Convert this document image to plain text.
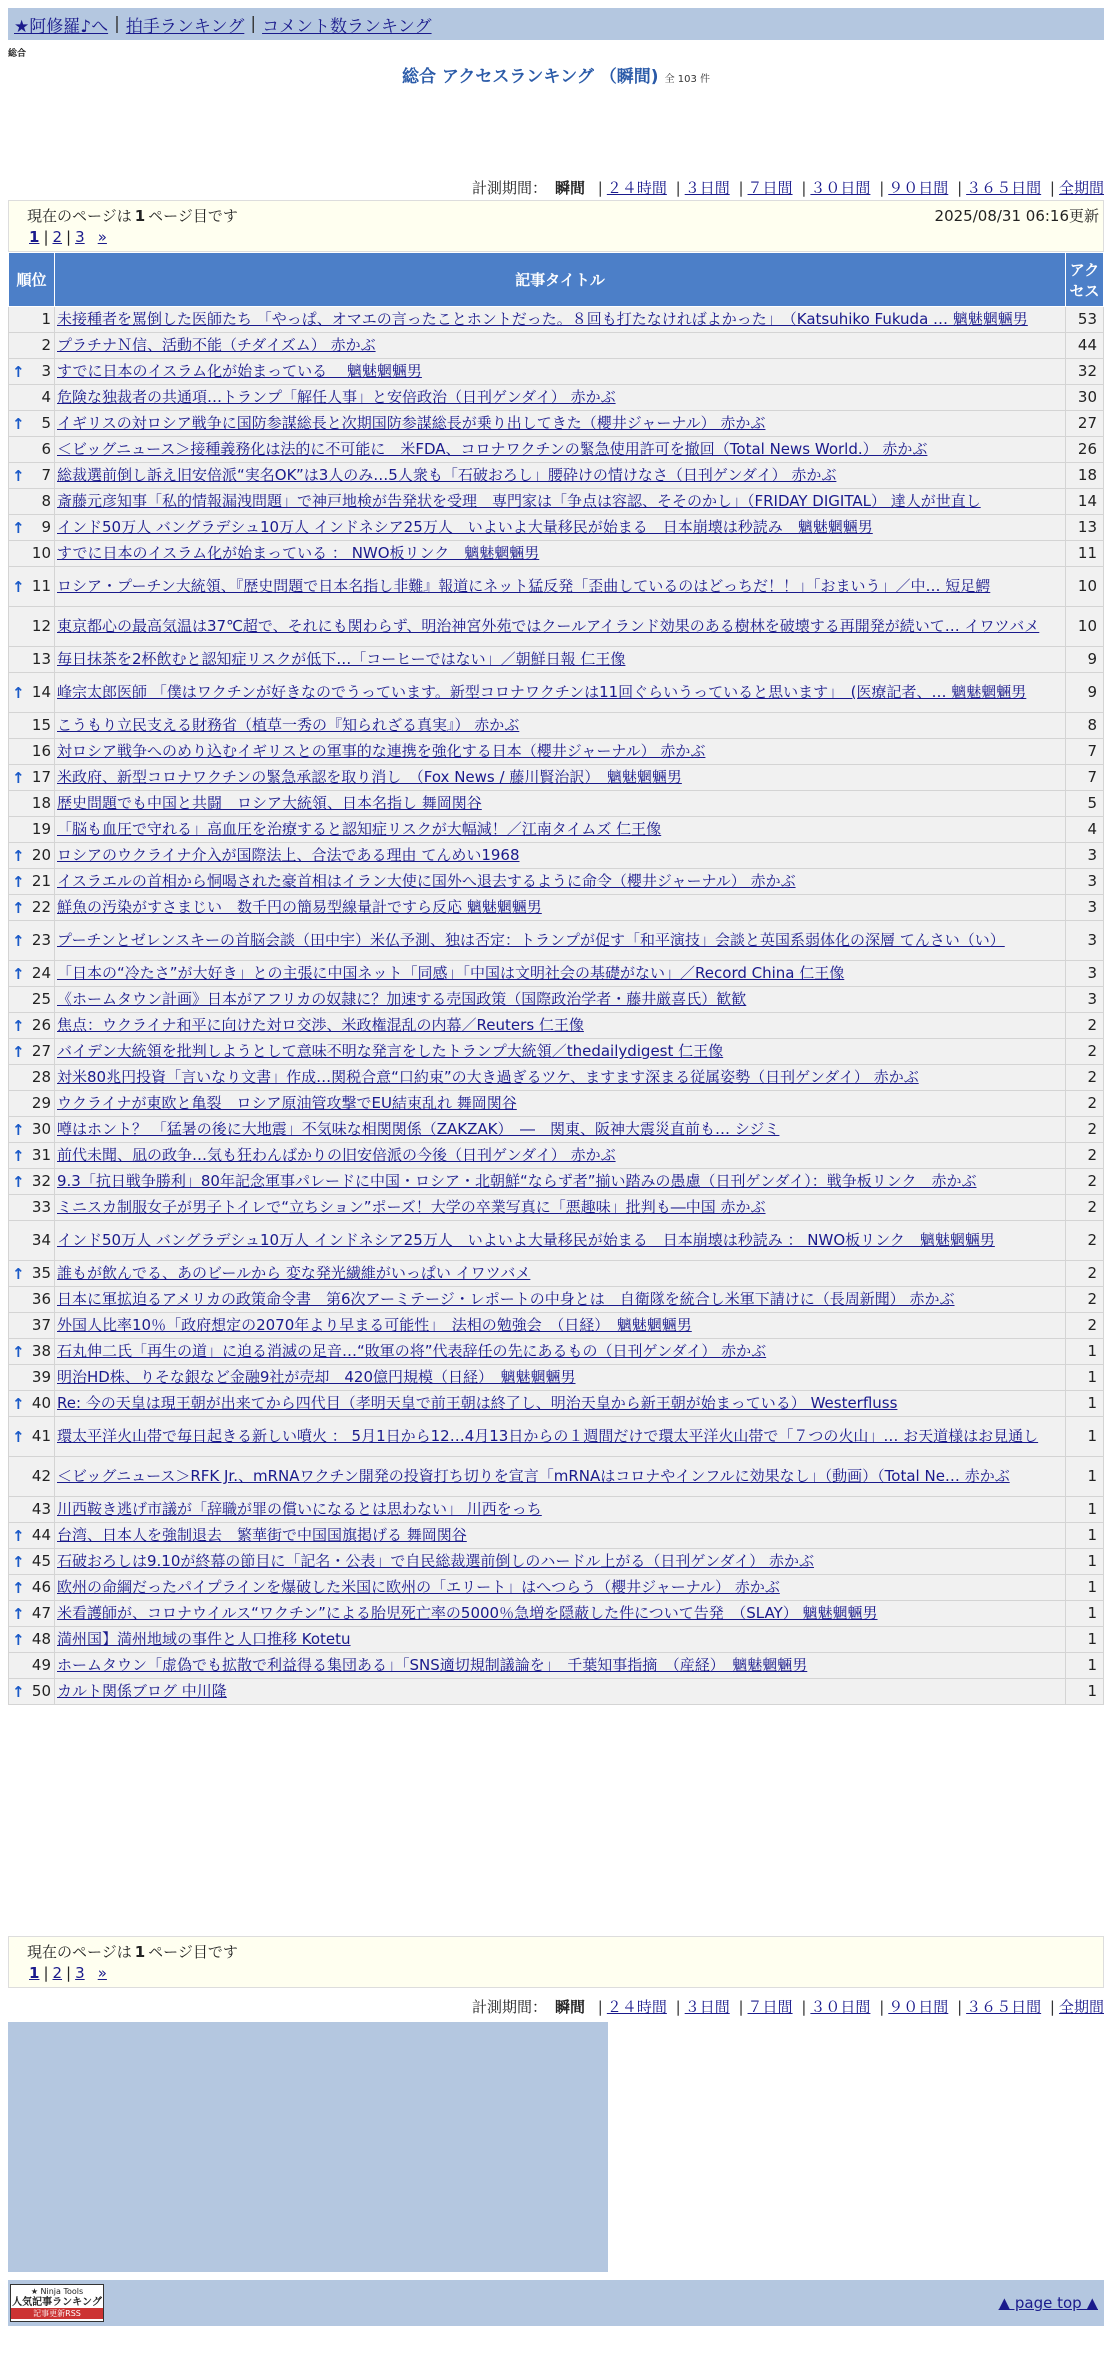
★阿修羅♪へ | 拍手ランキング | コメント数ランキング
総合
総合 アクセスランキング （瞬間) 全 103 件
計測期間： 瞬間 | ２４時間 | ３日間 | ７日間 | ３０日間 | ９０日間 | ３６５日間 | 全期間
現在のページは 1 ページ目です	2025/08/31 06:16更新
1 | 2 | 3 »
順位	記事タイトル	アクセス
1	未接種者を罵倒した医師たち 「やっぱ、オマエの言ったことホントだった。８回も打たなければよかった」　（Katsuhiko Fukuda … 魑魅魍魎男	53
2	プラチナＮ信、活動不能（チダイズム） 赤かぶ	44

↑ 3	すでに日本のイスラム化が始まっている　 魑魅魍魎男	32
4	危険な独裁者の共通項…トランプ「解任人事」と安倍政治（日刊ゲンダイ） 赤かぶ	30

↑ 5	イギリスの対ロシア戦争に国防参謀総長と次期国防参謀総長が乗り出してきた（櫻井ジャーナル） 赤かぶ	27
6	＜ビッグニュース＞接種義務化は法的に不可能に　米FDA、コロナワクチンの緊急使用許可を撤回（Total News World.） 赤かぶ	26

↑ 7	総裁選前倒し訴え旧安倍派“実名OK”は3人のみ…5人衆も「石破おろし」腰砕けの情けなさ（日刊ゲンダイ） 赤かぶ	18
8	斎藤元彦知事「私的情報漏洩問題」で神戸地検が告発状を受理　専門家は「争点は容認、そそのかし」（FRIDAY DIGITAL） 達人が世直し	14

↑ 9	インド50万人 バングラデシュ10万人 インドネシア25万人　いよいよ大量移民が始まる　日本崩壊は秒読み　魑魅魍魎男	13
10	すでに日本のイスラム化が始まっている ： NWO板リンク　魑魅魍魎男	11

↑ 11	ロシア・プーチン大統領、『歴史問題で日本名指し非難』報道にネット猛反発「歪曲しているのはどっちだ！！」「おまいう」／中… 短足鰐	10
12	東京都心の最高気温は37℃超で、それにも関わらず、明治神宮外苑ではクールアイランド効果のある樹林を破壊する再開発が続いて… イワツバメ	10
13	毎日抹茶を2杯飲むと認知症リスクが低下…「コーヒーではない」／朝鮮日報 仁王像	9

↑ 14	峰宗太郎医師 「僕はワクチンが好きなのでうっています。新型コロナワクチンは11回ぐらいうっていると思います」　(医療記者、… 魑魅魍魎男	9
15	こうもり立民支える財務省（植草一秀の『知られざる真実』） 赤かぶ	8
16	対ロシア戦争へのめり込むイギリスとの軍事的な連携を強化する日本（櫻井ジャーナル） 赤かぶ	7

↑ 17	米政府、新型コロナワクチンの緊急承認を取り消し　（Fox News / 藤川賢治訳）　魑魅魍魎男	7
18	歴史問題でも中国と共闘　ロシア大統領、日本名指し 舞岡関谷	5
19	「脳も血圧で守れる」高血圧を治療すると認知症リスクが大幅減！／江南タイムズ 仁王像	4

↑ 20	ロシアのウクライナ介入が国際法上、合法である理由 てんめい1968	3

↑ 21	イスラエルの首相から恫喝された豪首相はイラン大使に国外へ退去するように命令（櫻井ジャーナル） 赤かぶ	3

↑ 22	鮮魚の汚染がすさまじい　数千円の簡易型線量計ですら反応 魑魅魍魎男	3

↑ 23	プーチンとゼレンスキーの首脳会談（田中宇）米仏予測、独は否定：トランプが促す「和平演技」会談と英国系弱体化の深層 てんさい（い）	3

↑ 24	「日本の“冷たさ”が大好き」との主張に中国ネット「同感」「中国は文明社会の基礎がない」／Record China 仁王像	3
25	《ホームタウン計画》日本がアフリカの奴隷に？加速する売国政策（国際政治学者・藤井厳喜氏）歓歓	3

↑ 26	焦点：ウクライナ和平に向けた対ロ交渉、米政権混乱の内幕／Reuters 仁王像	2

↑ 27	バイデン大統領を批判しようとして意味不明な発言をしたトランプ大統領／thedailydigest 仁王像	2
28	対米80兆円投資「言いなり文書」作成…関税合意“口約束”の大き過ぎるツケ、ますます深まる従属姿勢（日刊ゲンダイ） 赤かぶ	2
29	ウクライナが東欧と亀裂　ロシア原油管攻撃でEU結束乱れ 舞岡関谷	2

↑ 30	噂はホント？ 「猛暑の後に大地震」不気味な相関関係（ZAKZAK）　―　関東、阪神大震災直前も… シジミ	2

↑ 31	前代未聞、凪の政争…気も狂わんばかりの旧安倍派の今後（日刊ゲンダイ） 赤かぶ	2

↑ 32	9.3「抗日戦争勝利」80年記念軍事パレードに中国・ロシア・北朝鮮“ならず者”揃い踏みの愚慮（日刊ゲンダイ）：戦争板リンク　赤かぶ	2
33	ミニスカ制服女子が男子トイレで“立ちション”ポーズ！大学の卒業写真に「悪趣味」批判も―中国 赤かぶ	2
34	インド50万人 バングラデシュ10万人 インドネシア25万人　いよいよ大量移民が始まる　日本崩壊は秒読み ： NWO板リンク　魑魅魍魎男	2

↑ 35	誰もが飲んでる、あのビールから 変な発光繊維がいっぱい イワツバメ	2
36	日本に軍拡迫るアメリカの政策命令書　第6次アーミテージ・レポートの中身とは　自衛隊を統合し米軍下請けに（長周新聞） 赤かぶ	2
37	外国人比率10％「政府想定の2070年より早まる可能性」　法相の勉強会　（日経）　魑魅魍魎男	2

↑ 38	石丸伸二氏「再生の道」に迫る消滅の足音…“敗軍の将”代表辞任の先にあるもの（日刊ゲンダイ） 赤かぶ	1
39	明治HD株、りそな銀など金融9社が売却　420億円規模（日経）　魑魅魍魎男	1

↑ 40	Re: 今の天皇は現王朝が出来てから四代目（孝明天皇で前王朝は終了し、明治天皇から新王朝が始まっている） Westerfluss	1

↑ 41	環太平洋火山帯で毎日起きる新しい噴火 ： 5月1日から12…4月13日からの１週間だけで環太平洋火山帯で「７つの火山」… お天道様はお見通し	1
42	＜ビッグニュース＞RFK Jr.、mRNAワクチン開発の投資打ち切りを宣言「mRNAはコロナやインフルに効果なし」（動画）（Total Ne… 赤かぶ	1
43	川西鞍き逃げ市議が「辞職が罪の償いになるとは思わない」 川西をっち	1

↑ 44	台湾、日本人を強制退去　繁華街で中国国旗掲げる 舞岡関谷	1

↑ 45	石破おろしは9.10が終幕の節目に「記名・公表」で自民総裁選前倒しのハードル上がる（日刊ゲンダイ） 赤かぶ	1

↑ 46	欧州の命綱だったパイプラインを爆破した米国に欧州の「エリート」はへつらう（櫻井ジャーナル） 赤かぶ	1

↑ 47	米看護師が、コロナウイルス“ワクチン”による胎児死亡率の5000％急増を隠蔽した件について告発　（SLAY） 魑魅魍魎男	1

↑ 48	満州国】満州地域の事件と人口推移 Kotetu	1
49	ホームタウン「虚偽でも拡散で利益得る集団ある」「SNS適切規制議論を」　千葉知事指摘　（産経）　魑魅魍魎男	1

↑ 50	カルト関係ブログ 中川隆	1
現在のページは 1 ページ目です
1 | 2 | 3 »
計測期間： 瞬間 | ２４時間 | ３日間 | ７日間 | ３０日間 | ９０日間 | ３６５日間 | 全期間
★ Ninja Tools
人気記事ランキング
記事更新RSS
▲ page top ▲
